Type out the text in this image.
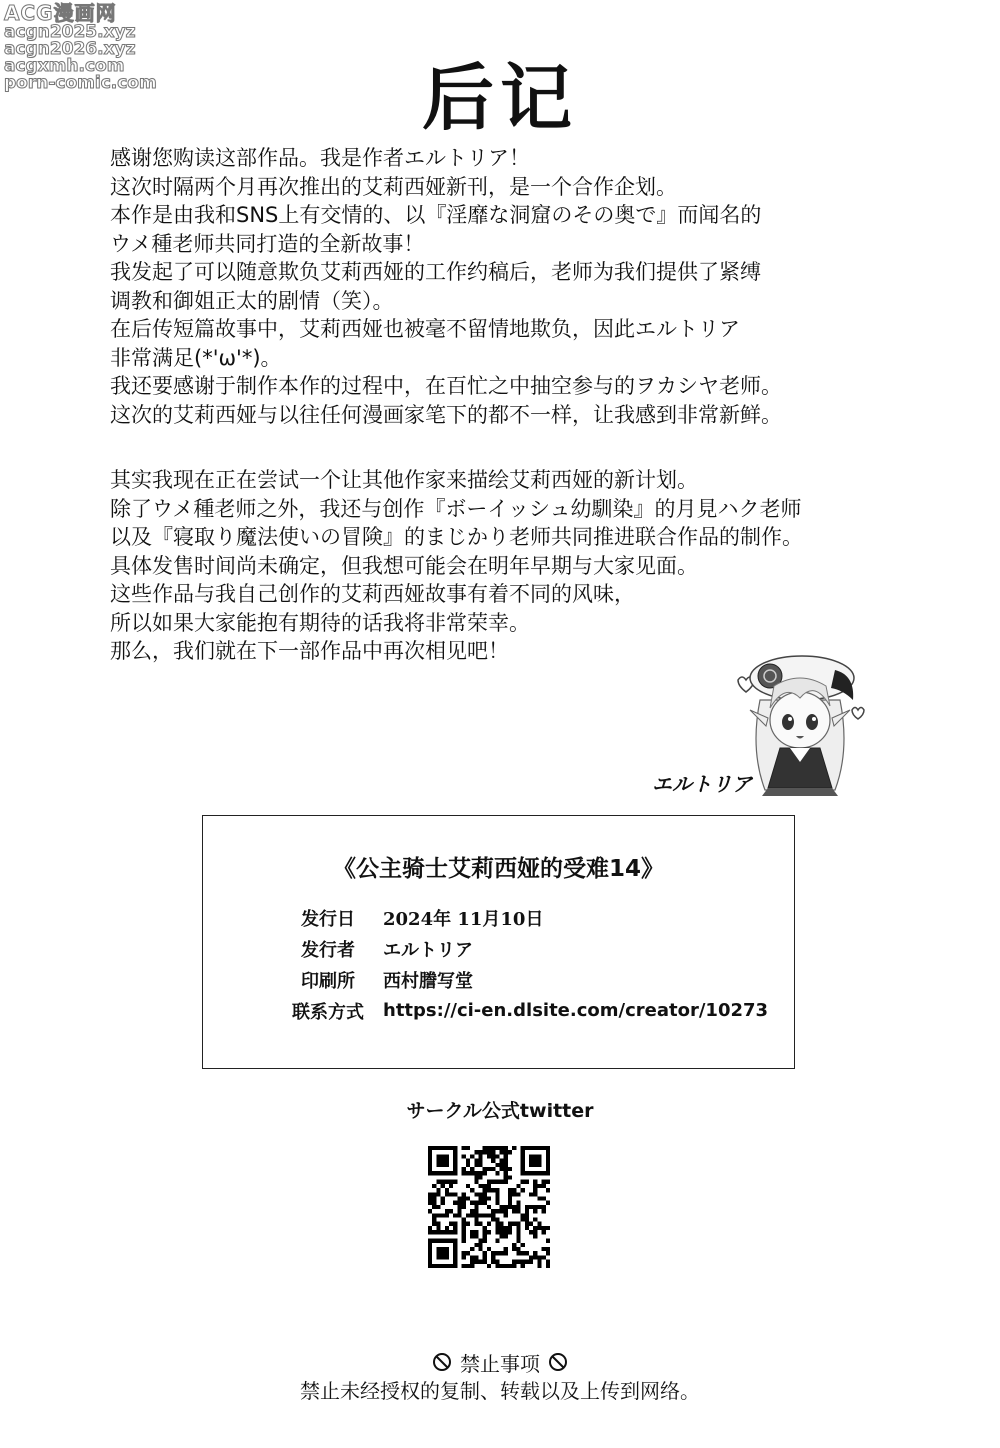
ACG漫画网
acgn2025.xyz
acgn2026.xyz
acgxmh.com
porn-comic.com	后记
感谢您购读这部作品。我是作者エルトリア！
这次时隔两个月再次推出的艾莉西娅新刊，是一个合作企划。
本作是由我和SNS上有交情的、以『淫靡な洞窟のその奥で』而闻名的
ウメ種老师共同打造的全新故事！
我发起了可以随意欺负艾莉西娅的工作约稿后，老师为我们提供了紧缚
调教和御姐正太的剧情（笑）。
在后传短篇故事中，艾莉西娅也被毫不留情地欺负，因此エルトリア
非常满足(*'ω'*)。
我还要感谢于制作本作的过程中，在百忙之中抽空参与的ヲカシヤ老师。
这次的艾莉西娅与以往任何漫画家笔下的都不一样，让我感到非常新鲜。
其实我现在正在尝试一个让其他作家来描绘艾莉西娅的新计划。
除了ウメ種老师之外，我还与创作『ボーイッシュ幼馴染』的月見ハク老师
以及『寝取り魔法使いの冒険』的まじかり老师共同推进联合作品的制作。
具体发售时间尚未确定，但我想可能会在明年早期与大家见面。
这些作品与我自己创作的艾莉西娅故事有着不同的风味，
所以如果大家能抱有期待的话我将非常荣幸。
那么，我们就在下一部作品中再次相见吧！
エルトリア
《公主骑士艾莉西娅的受难14》
发行日	2024年 11月10日
发行者	エルトリア
印刷所	西村謄写堂
联系方式	https://ci-en.dlsite.com/creator/10273
サークル公式twitter
禁止事项
禁止未经授权的复制、转载以及上传到网络。
